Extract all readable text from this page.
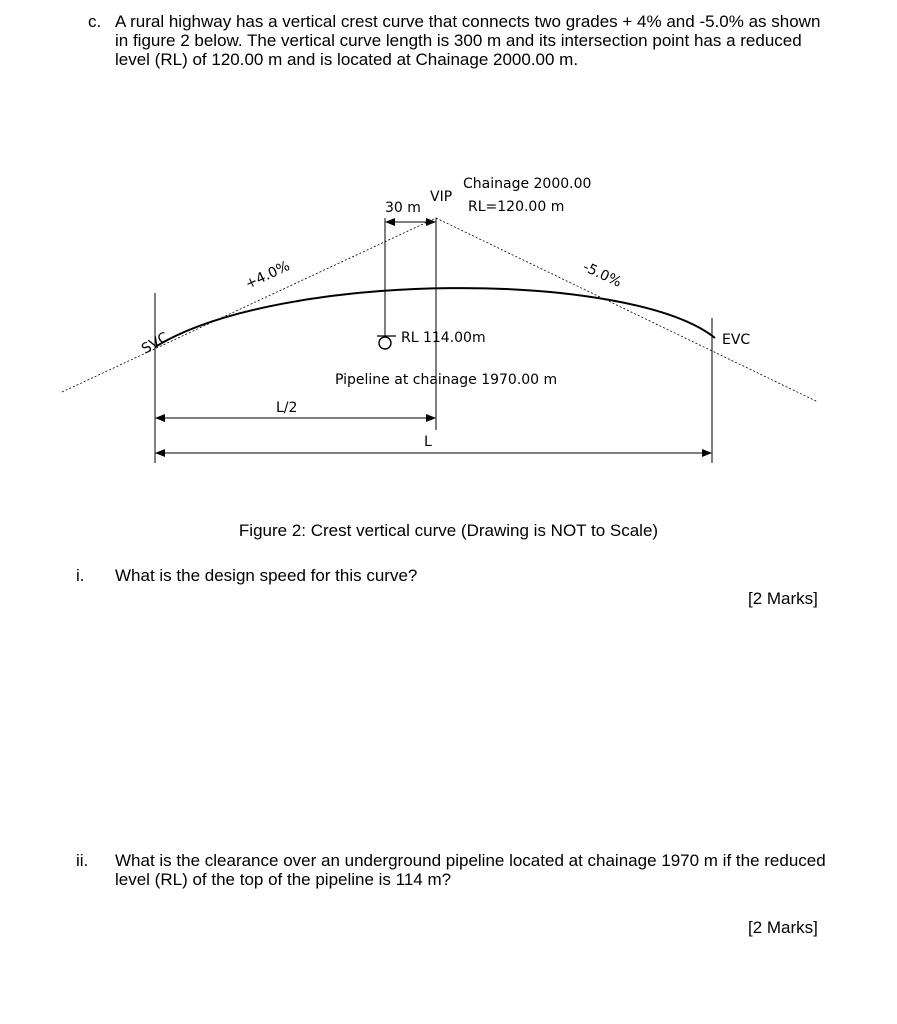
c. A rural highway has a vertical crest curve that connects two grades + 4% and -5.0% as shown in figure 2 below. The vertical curve length is 300 m and its intersection point has a reduced level (RL) of 120.00 m and is located at Chainage 2000.00 m.
Chainage 2000.00
VIP
RL=120.00 m
30 m
+4.0%	-5.0%
SVC	EVC
RL 114.00m
Pipeline at chainage 1970.00 m
L/2
L
Figure 2: Crest vertical curve (Drawing is NOT to Scale)
i. What is the design speed for this curve?
[2 Marks]
ii. What is the clearance over an underground pipeline located at chainage 1970 m if the reduced level (RL) of the top of the pipeline is 114 m?
[2 Marks]
